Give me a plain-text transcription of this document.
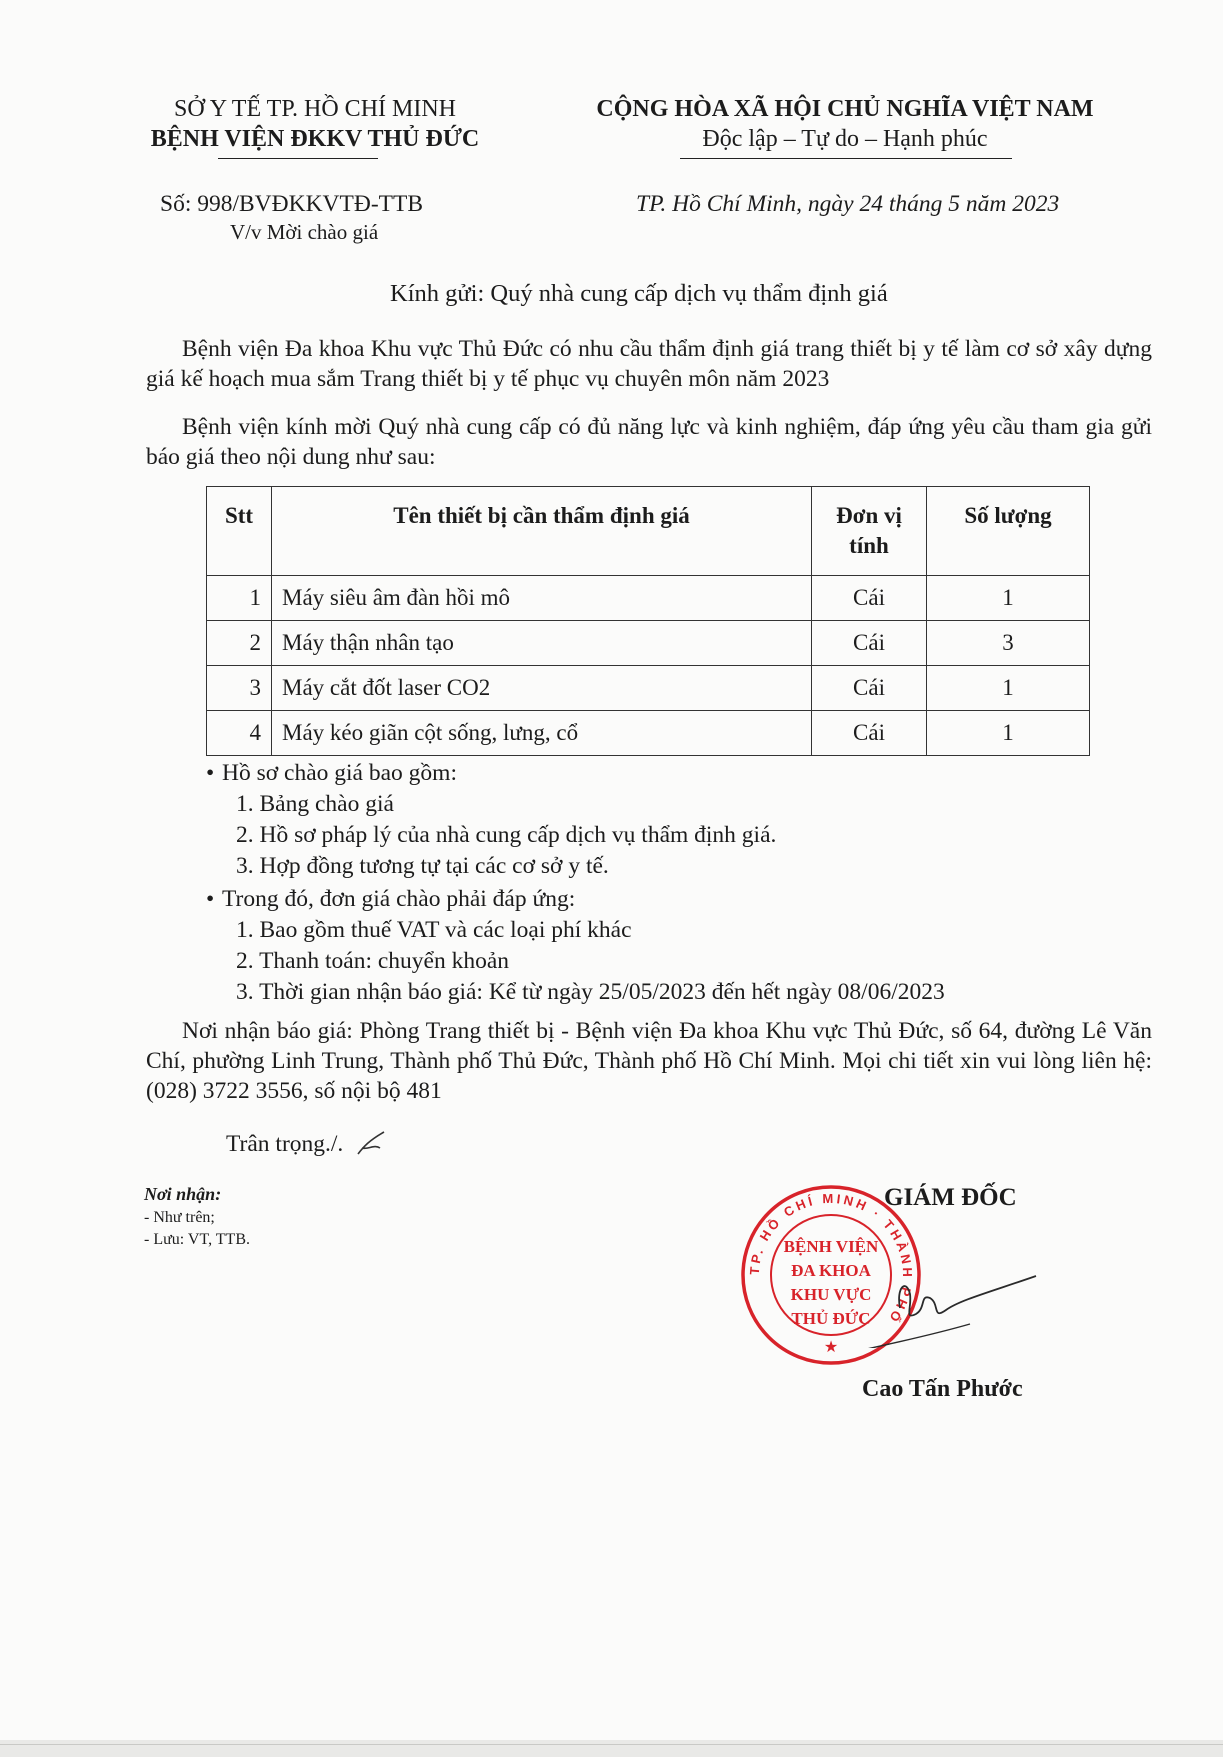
SỞ Y TẾ TP. HỒ CHÍ MINH
BỆNH VIỆN ĐKKV THỦ ĐỨC
CỘNG HÒA XÃ HỘI CHỦ NGHĨA VIỆT NAM
Độc lập – Tự do – Hạnh phúc
Số: 998/BVĐKKVTĐ-TTB
V/v Mời chào giá
TP. Hồ Chí Minh, ngày 24 tháng 5 năm 2023
Kính gửi: Quý nhà cung cấp dịch vụ thẩm định giá
Bệnh viện Đa khoa Khu vực Thủ Đức có nhu cầu thẩm định giá trang thiết bị y tế làm cơ sở xây dựng giá kế hoạch mua sắm Trang thiết bị y tế phục vụ chuyên môn năm 2023
Bệnh viện kính mời Quý nhà cung cấp có đủ năng lực và kinh nghiệm, đáp ứng yêu cầu tham gia gửi báo giá theo nội dung như sau:
Stt	Tên thiết bị cần thẩm định giá	Đơn vị tính	Số lượng
1	Máy siêu âm đàn hồi mô	Cái	1
2	Máy thận nhân tạo	Cái	3
3	Máy cắt đốt laser CO2	Cái	1
4	Máy kéo giãn cột sống, lưng, cổ	Cái	1
• Hồ sơ chào giá bao gồm:
1. Bảng chào giá
2. Hồ sơ pháp lý của nhà cung cấp dịch vụ thẩm định giá.
3. Hợp đồng tương tự tại các cơ sở y tế.
• Trong đó, đơn giá chào phải đáp ứng:
1. Bao gồm thuế VAT và các loại phí khác
2. Thanh toán: chuyển khoản
3. Thời gian nhận báo giá: Kể từ ngày 25/05/2023 đến hết ngày 08/06/2023
Nơi nhận báo giá: Phòng Trang thiết bị - Bệnh viện Đa khoa Khu vực Thủ Đức, số 64, đường Lê Văn Chí, phường Linh Trung, Thành phố Thủ Đức, Thành phố Hồ Chí Minh. Mọi chi tiết xin vui lòng liên hệ: (028) 3722 3556, số nội bộ 481
Trân trọng./.
Nơi nhận:
- Như trên;
- Lưu: VT, TTB.
GIÁM ĐỐC
TP. HỒ CHÍ MINH · THÀNH PHỐ
BỆNH VIỆN
ĐA KHOA
KHU VỰC
THỦ ĐỨC
★
Cao Tấn Phước
